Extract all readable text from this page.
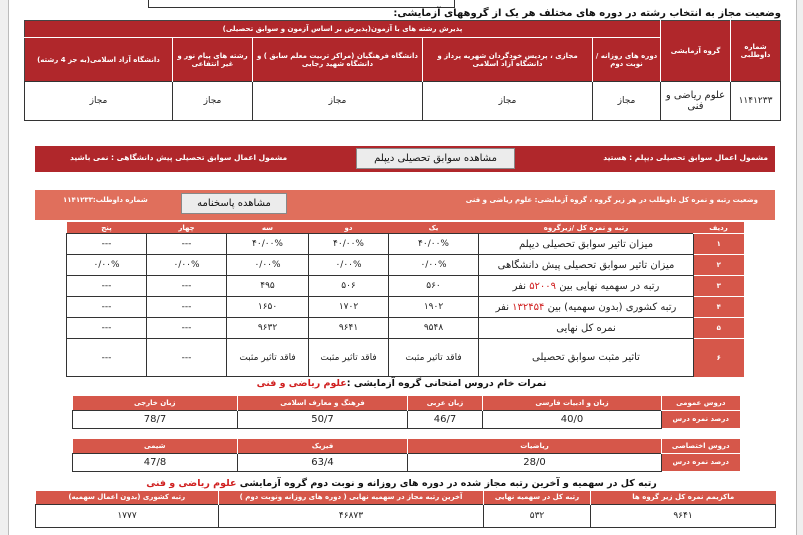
وضعیت مجاز به انتخاب رشته در دوره های مختلف هر یک از گروههای آزمایشی:
شماره داوطلبی	گروه آزمایشی	پذیرش رشته های با آزمون(پذیرش بر اساس آزمون و سوابق تحصیلی)				
		دوره های روزانه / نوبت دوم	مجازی ، پردیس خودگردان شهریه پرداز و دانشگاه آزاد اسلامی	دانشگاه فرهنگیان (مراکز تربیت معلم سابق ) و دانشگاه شهید رجایی	رشته های پیام نور و غیر انتفاعی	دانشگاه آزاد اسلامی(به جز 4 رشته)
۱۱۴۱۲۳۳	علوم ریاضی و فنی	مجاز	مجاز	مجاز	مجاز	مجاز
مشمول اعمال سوابق تحصیلی دیپلم : هستید
مشاهده سوابق تحصیلی دیپلم
مشمول اعمال سوابق تحصیلی پیش دانشگاهی : نمی باشید
وضعیت رتبه و نمره کل داوطلب در هر زیر گروه ، گروه آزمایشی: علوم ریاضی و فنی
شماره داوطلب:۱۱۴۱۲۳۳	مشاهده پاسخنامه
ردیف	رتبه و نمره کل /زیرگروه	یک	دو	سه	چهار	پنج
۱	میزان تاثیر سوابق تحصیلی دیپلم	۴۰/۰۰%	۴۰/۰۰%	۴۰/۰۰%	---	---
۲	میزان تاثیر سوابق تحصیلی پیش دانشگاهی	۰/۰۰%	۰/۰۰%	۰/۰۰%	۰/۰۰%	۰/۰۰%
۳	رتبه در سهمیه نهایی بین ۵۲۰۰۹ نفر	۵۶۰	۵۰۶	۴۹۵	---	---
۴	رتبه کشوری (بدون سهمیه) بین ۱۳۲۴۵۴ نفر	۱۹۰۲	۱۷۰۲	۱۶۵۰	---	---
۵	نمره کل نهایی	۹۵۴۸	۹۶۴۱	۹۶۳۲	---	---
۶	تاثیر مثبت سوابق تحصیلی	فاقد تاثیر مثبت	فاقد تاثیر مثبت	فاقد تاثیر مثبت	---	---
نمرات خام دروس امتحانی گروه آزمایشی :علوم ریاضی و فنی
دروس عمومی	زبان و ادبیات فارسی	زبان عربی	فرهنگ و معارف اسلامی	زبان خارجی
درصد نمره درس	40/0	46/7	50/7	78/7
دروس اختصاصی	ریاضیات	فیزیک	شیمی
درصد نمره درس	28/0	63/4	47/8
رتبه کل در سهمیه و آخرین رتبه مجاز شده در دوره های روزانه و نوبت دوم گروه آزمایشی علوم ریاضی و فنی
ماکزیمم نمره کل زیر گروه ها	رتبه کل در سهمیه نهایی	آخرین رتبه مجاز در سهمیه نهایی ( دوره های روزانه ونوبت دوم )	رتبه کشوری (بدون اعمال سهمیه)
۹۶۴۱	۵۳۲	۴۶۸۷۳	۱۷۷۷
